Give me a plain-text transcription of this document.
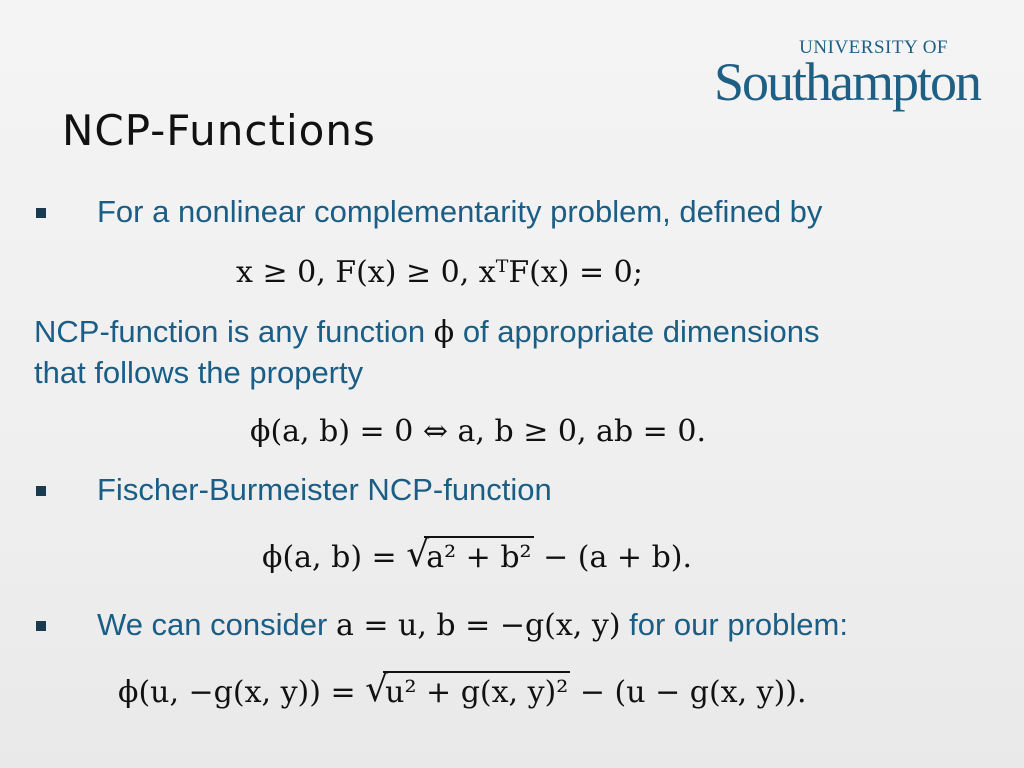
UNIVERSITY OF
Southampton
NCP-Functions
For a nonlinear complementarity problem, defined by
x ≥ 0, F(x) ≥ 0, xᵀF(x) = 0;
NCP-function is any function ϕ of appropriate dimensions
that follows the property
ϕ(a, b) = 0 ⇔ a, b ≥ 0, ab = 0.
Fischer-Burmeister NCP-function
ϕ(a, b) = √
a² + b² − (a + b).
We can consider a = u, b = −g(x, y) for our problem:
ϕ(u, −g(x, y)) = √
u² + g(x, y)² − (u − g(x, y)).
